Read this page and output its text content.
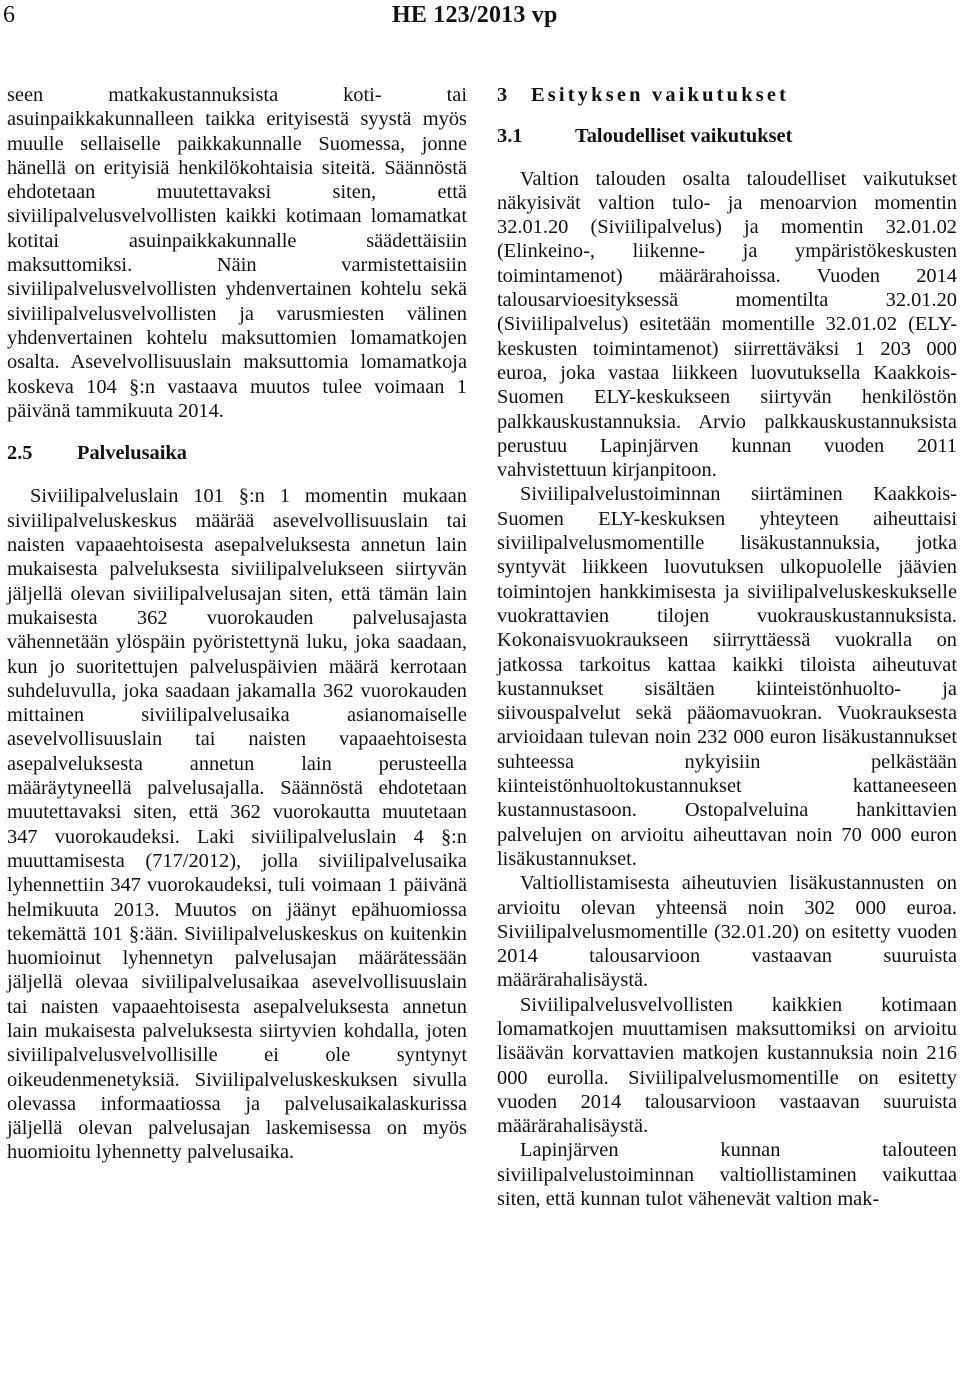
6	HE 123/2013 vp

seen matkakustannuksista koti- tai asuinpaikkakunnalleen taikka erityisestä syystä myös muulle sellaiselle paikkakunnalle Suomessa, jonne hänellä on erityisiä henkilökohtaisia siteitä. Säännöstä ehdotetaan muutettavaksi siten, että siviilipalvelusvelvollisten kaikki kotimaan lomamatkat kotitai asuinpaikkakunnalle säädettäisiin maksuttomiksi. Näin varmistettaisiin siviilipalvelusvelvollisten yhdenvertainen kohtelu sekä siviilipalvelusvelvollisten ja varusmiesten välinen yhdenvertainen kohtelu maksuttomien lomamatkojen osalta. Asevelvollisuuslain maksuttomia lomamatkoja koskeva 104 §:n vastaava muutos tulee voimaan 1 päivänä tammikuuta 2014.

2.5 Palvelusaika

Siviilipalveluslain 101 §:n 1 momentin mukaan siviilipalveluskeskus määrää asevelvollisuuslain tai naisten vapaaehtoisesta asepalveluksesta annetun lain mukaisesta palveluksesta siviilipalvelukseen siirtyvän jäljellä olevan siviilipalvelusajan siten, että tämän lain mukaisesta 362 vuorokauden palvelusajasta vähennetään ylöspäin pyöristettynä luku, joka saadaan, kun jo suoritettujen palveluspäivien määrä kerrotaan suhdeluvulla, joka saadaan jakamalla 362 vuorokauden mittainen siviilipalvelusaika asianomaiselle asevelvollisuuslain tai naisten vapaaehtoisesta asepalveluksesta annetun lain perusteella määräytyneellä palvelusajalla. Säännöstä ehdotetaan muutettavaksi siten, että 362 vuorokautta muutetaan 347 vuorokaudeksi. Laki siviilipalveluslain 4 §:n muuttamisesta (717/2012), jolla siviilipalvelusaika lyhennettiin 347 vuorokaudeksi, tuli voimaan 1 päivänä helmikuuta 2013. Muutos on jäänyt epähuomiossa tekemättä 101 §:ään. Siviilipalveluskeskus on kuitenkin huomioinut lyhennetyn palvelusajan määrätessään jäljellä olevaa siviilipalvelusaikaa asevelvollisuuslain tai naisten vapaaehtoisesta asepalveluksesta annetun lain mukaisesta palveluksesta siirtyvien kohdalla, joten siviilipalvelusvelvollisille ei ole syntynyt oikeudenmenetyksiä. Siviilipalveluskeskuksen sivulla olevassa informaatiossa ja palvelusaikalaskurissa jäljellä olevan palvelusajan laskemisessa on myös huomioitu lyhennetty palvelusaika.

3 Esityksen vaikutukset
3.1	Taloudelliset vaikutukset

Valtion talouden osalta taloudelliset vaikutukset näkyisivät valtion tulo- ja menoarvion momentin 32.01.20 (Siviilipalvelus) ja momentin 32.01.02 (Elinkeino-, liikenne- ja ympäristökeskusten toimintamenot) määrärahoissa. Vuoden 2014 talousarvioesityksessä momentilta 32.01.20 (Siviilipalvelus) esitetään momentille 32.01.02 (ELY-keskusten toimintamenot) siirrettäväksi 1 203 000 euroa, joka vastaa liikkeen luovutuksella Kaakkois-Suomen ELY-keskukseen siirtyvän henkilöstön palkkauskustannuksia. Arvio palkkauskustannuksista perustuu Lapinjärven kunnan vuoden 2011 vahvistettuun kirjanpitoon.

Siviilipalvelustoiminnan siirtäminen Kaakkois-Suomen ELY-keskuksen yhteyteen aiheuttaisi siviilipalvelusmomentille lisäkustannuksia, jotka syntyvät liikkeen luovutuksen ulkopuolelle jäävien toimintojen hankkimisesta ja siviilipalveluskeskukselle vuokrattavien tilojen vuokrauskustannuksista. Kokonaisvuokraukseen siirryttäessä vuokralla on jatkossa tarkoitus kattaa kaikki tiloista aiheutuvat kustannukset sisältäen kiinteistönhuolto- ja siivouspalvelut sekä pääomavuokran. Vuokrauksesta arvioidaan tulevan noin 232 000 euron lisäkustannukset suhteessa nykyisiin pelkästään kiinteistönhuoltokustannukset kattaneeseen kustannustasoon. Ostopalveluina hankittavien palvelujen on arvioitu aiheuttavan noin 70 000 euron lisäkustannukset.

Valtiollistamisesta aiheutuvien lisäkustannusten on arvioitu olevan yhteensä noin 302 000 euroa. Siviilipalvelusmomentille (32.01.20) on esitetty vuoden 2014 talousarvioon vastaavan suuruista määrärahalisäystä.

Siviilipalvelusvelvollisten kaikkien kotimaan lomamatkojen muuttamisen maksuttomiksi on arvioitu lisäävän korvattavien matkojen kustannuksia noin 216 000 eurolla. Siviilipalvelusmomentille on esitetty vuoden 2014 talousarvioon vastaavan suuruista määrärahalisäystä.

Lapinjärven kunnan talouteen siviilipalvelustoiminnan valtiollistaminen vaikuttaa siten, että kunnan tulot vähenevät valtion mak-
